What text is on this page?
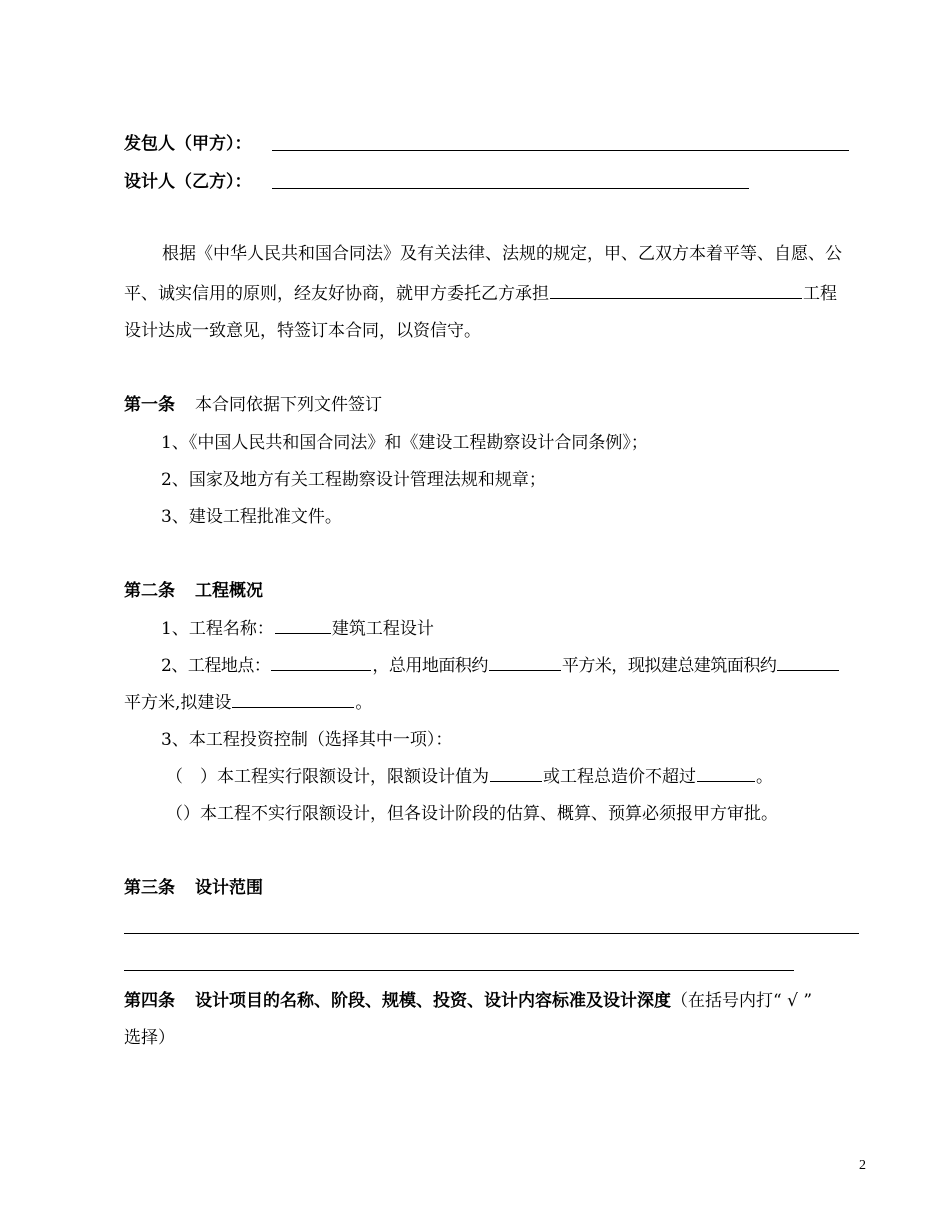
发包人（甲方）：
设计人（乙方）：
根据《中华人民共和国合同法》及有关法律、法规的规定，甲、乙双方本着平等、自愿、公
平、诚实信用的原则，经友好协商，就甲方委托乙方承担	工程
设计达成一致意见，特签订本合同，以资信守。
第一条 本合同依据下列文件签订
1、《中国人民共和国合同法》和《建设工程勘察设计合同条例》；
2、国家及地方有关工程勘察设计管理法规和规章；
3、建设工程批准文件。
第二条 工程概况
1、工程名称：	建筑工程设计
2、工程地点：	，总用地面积约	平方米，现拟建总建筑面积约
平方米,拟建设	。
3、本工程投资控制（选择其中一项）：
（　）本工程实行限额设计，限额设计值为	或工程总造价不超过	。
（）本工程不实行限额设计，但各设计阶段的估算、概算、预算必须报甲方审批。
第三条 设计范围
第四条 设计项目的名称、阶段、规模、投资、设计内容标准及设计深度（在括号内打“ √ ”
选择）
2
